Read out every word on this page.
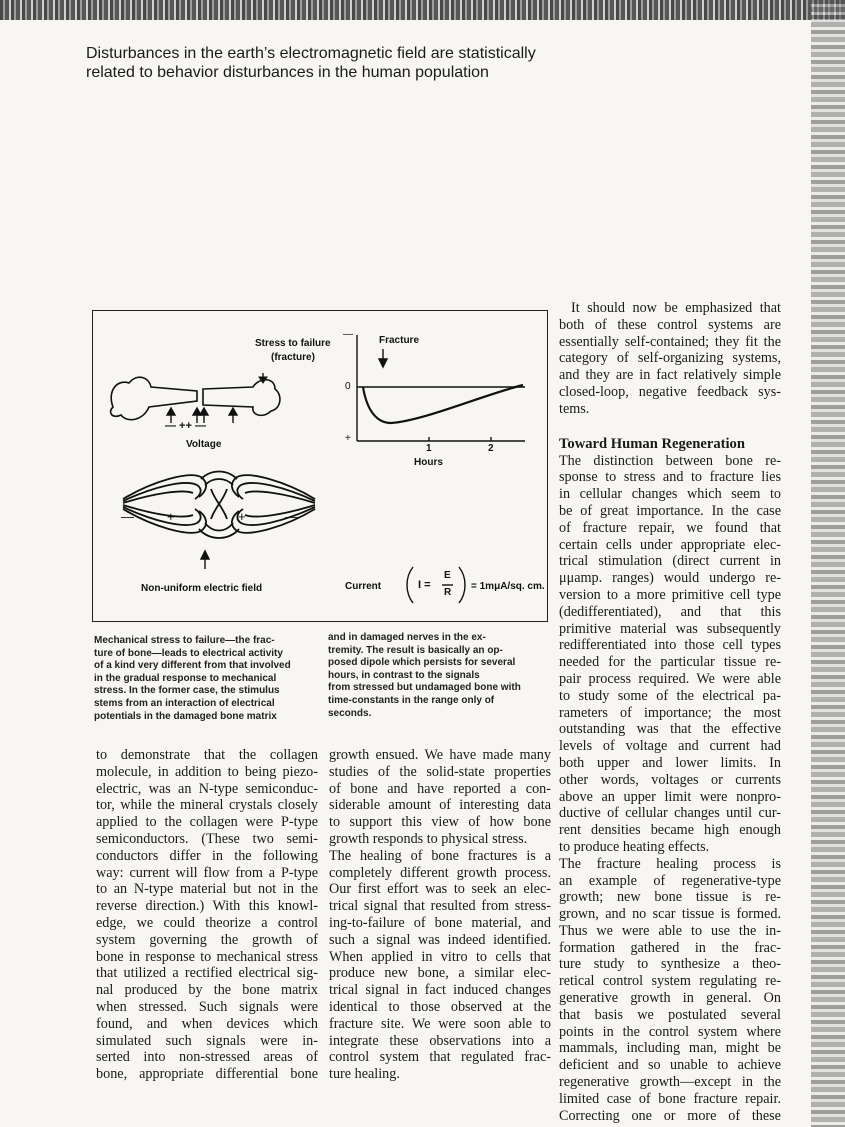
Disturbances in the earth’s electromagnetic field are statistically
related to behavior disturbances in the human population
Stress to failure
(fracture)
— ++ —
Voltage
—	+	+	—
Non-uniform electric field
Fracture
—
0
+
1	2
Hours
Current	I =
E
R
= 1mμA/sq. cm.
Mechanical stress to failure—the frac-
ture of bone—leads to electrical activity
of a kind very different from that involved
in the gradual response to mechanical
stress. In the former case, the stimulus
stems from an interaction of electrical
potentials in the damaged bone matrix
and in damaged nerves in the ex-
tremity. The result is basically an op-
posed dipole which persists for several
hours, in contrast to the signals
from stressed but undamaged bone with
time-constants in the range only of
seconds.
to demonstrate that the collagen
molecule, in addition to being piezo-
electric, was an N-type semiconduc-
tor, while the mineral crystals closely
applied to the collagen were P-type
semiconductors. (These two semi-
conductors differ in the following
way: current will flow from a P-type
to an N-type material but not in the
reverse direction.) With this knowl-
edge, we could theorize a control
system governing the growth of
bone in response to mechanical stress
that utilized a rectified electrical sig-
nal produced by the bone matrix
when stressed. Such signals were
found, and when devices which
simulated such signals were in-
serted into non-stressed areas of
bone, appropriate differential bone
growth ensued. We have made many
studies of the solid-state properties
of bone and have reported a con-
siderable amount of interesting data
to support this view of how bone
growth responds to physical stress.
The healing of bone fractures is a
completely different growth process.
Our first effort was to seek an elec-
trical signal that resulted from stress-
ing-to-failure of bone material, and
such a signal was indeed identified.
When applied in vitro to cells that
produce new bone, a similar elec-
trical signal in fact induced changes
identical to those observed at the
fracture site. We were soon able to
integrate these observations into a
control system that regulated frac-
ture healing.
It should now be emphasized that
both of these control systems are
essentially self-contained; they fit the
category of self-organizing systems,
and they are in fact relatively simple
closed-loop, negative feedback sys-
tems.
Toward Human Regeneration
The distinction between bone re-
sponse to stress and to fracture lies
in cellular changes which seem to
be of great importance. In the case
of fracture repair, we found that
certain cells under appropriate elec-
trical stimulation (direct current in
μμamp. ranges) would undergo re-
version to a more primitive cell type
(dedifferentiated), and that this
primitive material was subsequently
redifferentiated into those cell types
needed for the particular tissue re-
pair process required. We were able
to study some of the electrical pa-
rameters of importance; the most
outstanding was that the effective
levels of voltage and current had
both upper and lower limits. In
other words, voltages or currents
above an upper limit were nonpro-
ductive of cellular changes until cur-
rent densities became high enough
to produce heating effects.
The fracture healing process is
an example of regenerative-type
growth; new bone tissue is re-
grown, and no scar tissue is formed.
Thus we were able to use the in-
formation gathered in the frac-
ture study to synthesize a theo-
retical control system regulating re-
generative growth in general. On
that basis we postulated several
points in the control system where
mammals, including man, might be
deficient and so unable to achieve
regenerative growth—except in the
limited case of bone fracture repair.
Correcting one or more of these
